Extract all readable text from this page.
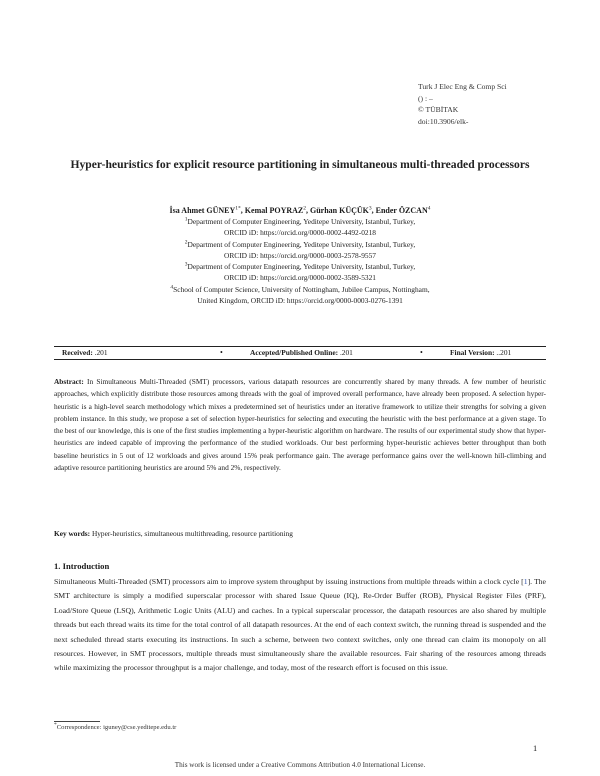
Turk J Elec Eng & Comp Sci
() : –
© TÜBİTAK
doi:10.3906/elk-
Hyper-heuristics for explicit resource partitioning in simultaneous multi-threaded processors
İsa Ahmet $GÜNEY^{1*}$, Kemal POYRAZ$^2$, Gürhan KÜÇÜK$^3$, Ender ÖZCAN$^4$
$^1$Department of Computer Engineering, Yeditepe University, Istanbul, Turkey,
ORCID iD: https://orcid.org/0000-0002-4492-0218
$^2$Department of Computer Engineering, Yeditepe University, Istanbul, Turkey,
ORCID iD: https://orcid.org/0000-0003-2578-9557
$^3$Department of Computer Engineering, Yeditepe University, Istanbul, Turkey,
ORCID iD: https://orcid.org/0000-0002-3589-5321
$^4$School of Computer Science, University of Nottingham, Jubilee Campus, Nottingham,
United Kingdom, ORCID iD: https://orcid.org/0000-0003-0276-1391
Received: .201	•	Accepted/Published Online: .201	•	Final Version: ..201
Abstract: In Simultaneous Multi-Threaded (SMT) processors, various datapath resources are concurrently shared by many threads. A few number of heuristic approaches, which explicitly distribute those resources among threads with the goal of improved overall performance, have already been proposed. A selection hyper-heuristic is a high-level search methodology which mixes a predetermined set of heuristics under an iterative framework to utilize their strengths for solving a given problem instance. In this study, we propose a set of selection hyper-heuristics for selecting and executing the heuristic with the best performance at a given stage. To the best of our knowledge, this is one of the first studies implementing a hyper-heuristic algorithm on hardware. The results of our experimental study show that hyper-heuristics are indeed capable of improving the performance of the studied workloads. Our best performing hyper-heuristic achieves better throughput than both baseline heuristics in 5 out of 12 workloads and gives around 15% peak performance gain. The average performance gains over the well-known hill-climbing and adaptive resource partitioning heuristics are around 5% and 2%, respectively.
Key words: Hyper-heuristics, simultaneous multithreading, resource partitioning
1. Introduction
Simultaneous Multi-Threaded (SMT) processors aim to improve system throughput by issuing instructions from multiple threads within a clock cycle [1]. The SMT architecture is simply a modified superscalar processor with shared Issue Queue (IQ), Re-Order Buffer (ROB), Physical Register Files (PRF), Load/Store Queue (LSQ), Arithmetic Logic Units (ALU) and caches. In a typical superscalar processor, the datapath resources are also shared by multiple threads but each thread waits its time for the total control of all datapath resources. At the end of each context switch, the running thread is suspended and the next scheduled thread starts executing its instructions. In such a scheme, between two context switches, only one thread can claim its monopoly on all resources. However, in SMT processors, multiple threads must simultaneously share the available resources. Fair sharing of the resources among threads while maximizing the processor throughput is a major challenge, and today, most of the research effort is focused on this issue.
*Correspondence: iguney@cse.yeditepe.edu.tr
1
This work is licensed under a Creative Commons Attribution 4.0 International License.
